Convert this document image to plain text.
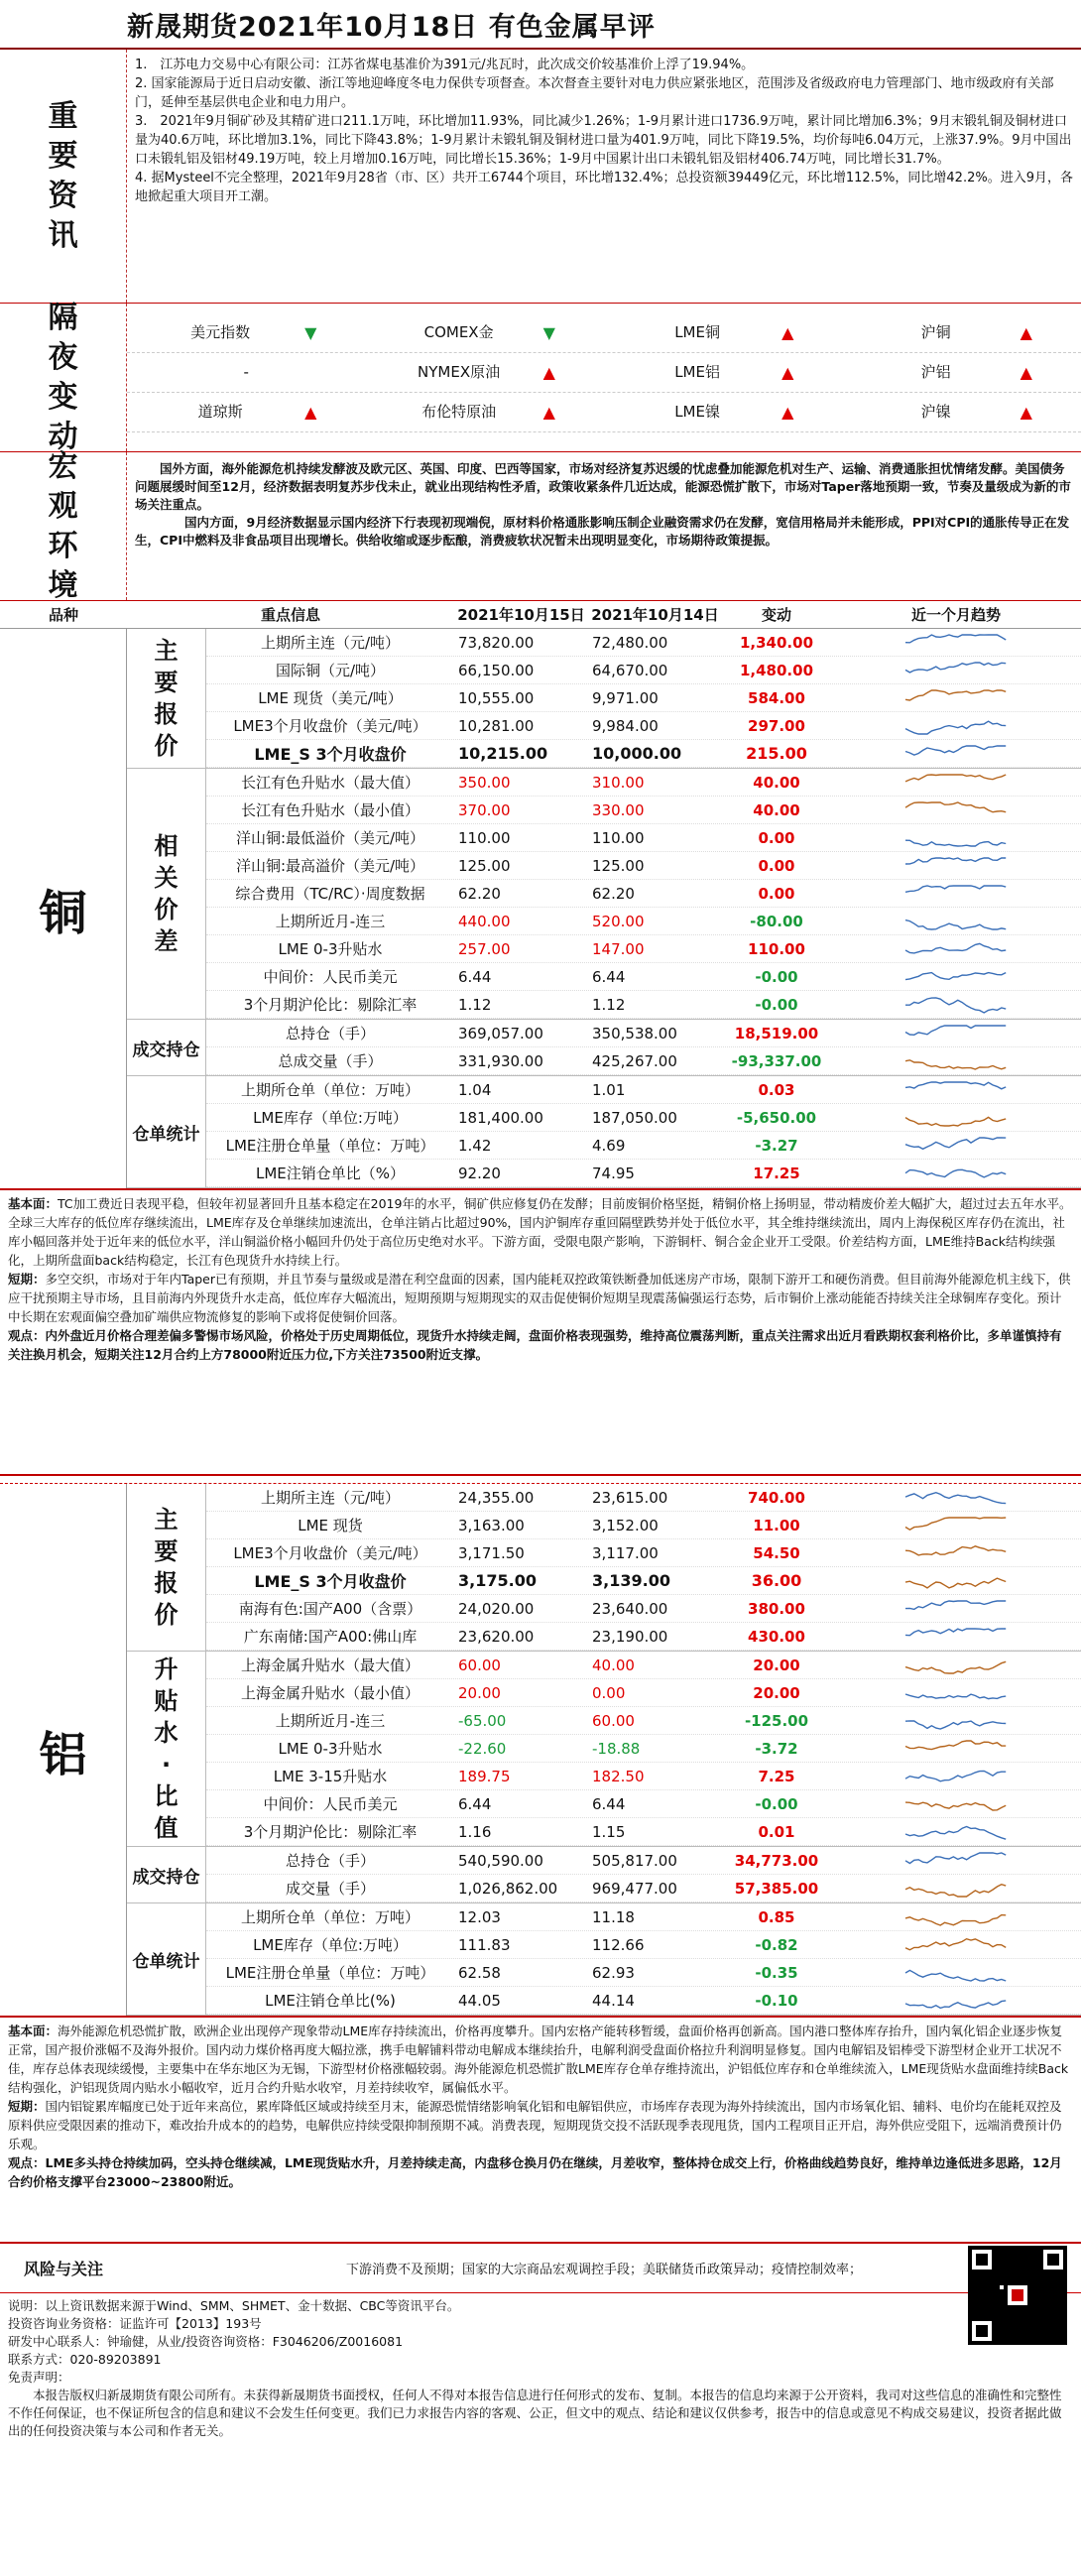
新晟期货2021年10月18日 有色金属早评
重
要
资
讯

1.　江苏电力交易中心有限公司：江苏省煤电基准价为391元/兆瓦时，此次成交价较基准价上浮了19.94%。

2. 国家能源局于近日启动安徽、浙江等地迎峰度冬电力保供专项督查。本次督查主要针对电力供应紧张地区，范围涉及省级政府电力管理部门、地市级政府有关部门，延伸至基层供电企业和电力用户。

3.　2021年9月铜矿砂及其精矿进口211.1万吨，环比增加11.93%，同比减少1.26%；1-9月累计进口1736.9万吨，累计同比增加6.3%；9月末锻轧铜及铜材进口量为40.6万吨，环比增加3.1%，同比下降43.8%；1-9月累计未锻轧铜及铜材进口量为401.9万吨，同比下降19.5%，均价每吨6.04万元，上涨37.9%。9月中国出口未锻轧铝及铝材49.19万吨，较上月增加0.16万吨，同比增长15.36%；1-9月中国累计出口未锻轧铝及铝材406.74万吨，同比增长31.7%。

4. 据Mysteel不完全整理，2021年9月28省（市、区）共开工6744个项目，环比增132.4%；总投资额39449亿元，环比增112.5%，同比增42.2%。进入9月，各地掀起重大项目开工潮。

隔
夜
变
动
美元指数	▼	COMEX金	▼	LME铜	▲	沪铜	▲
-	NYMEX原油	▲	LME铝	▲	沪铝	▲
道琼斯	▲	布伦特原油	▲	LME镍	▲	沪镍	▲
宏
观
环
境

国外方面，海外能源危机持续发酵波及欧元区、英国、印度、巴西等国家，市场对经济复苏迟缓的忧虑叠加能源危机对生产、运输、消费通胀担忧情绪发酵。美国债务问题展缓时间至12月，经济数据表明复苏步伐未止，就业出现结构性矛盾，政策收紧条件几近达成，能源恐慌扩散下，市场对Taper落地预期一致，节奏及量级成为新的市场关注重点。

　　国内方面，9月经济数据显示国内经济下行表现初现端倪，原材料价格通胀影响压制企业融资需求仍在发酵，宽信用格局并未能形成，PPI对CPI的通胀传导正在发生，CPI中燃料及非食品项目出现增长。供给收缩或逐步酝酿，消费疲软状况暂未出现明显变化，市场期待政策提振。

品种	重点信息	2021年10月15日 2021年10月14日	变动	近一个月趋势
铜
主
要
报
价
上期所主连（元/吨）	73,820.00	72,480.00	1,340.00
国际铜（元/吨）	66,150.00	64,670.00	1,480.00
LME 现货（美元/吨）	10,555.00	9,971.00	584.00
LME3个月收盘价（美元/吨）	10,281.00	9,984.00	297.00
LME_S 3个月收盘价	10,215.00	10,000.00	215.00
相
关
价
差
长江有色升贴水（最大值）	350.00	310.00	40.00
长江有色升贴水（最小值）	370.00	330.00	40.00
洋山铜:最低溢价（美元/吨）	110.00	110.00	0.00
洋山铜:最高溢价（美元/吨）	125.00	125.00	0.00
综合费用（TC/RC）·周度数据	62.20	62.20	0.00
上期所近月-连三	440.00	520.00	-80.00
LME 0-3升贴水	257.00	147.00	110.00
中间价：人民币美元	6.44	6.44	-0.00
3个月期沪伦比：剔除汇率	1.12	1.12	-0.00
成交持仓
总持仓（手）	369,057.00	350,538.00	18,519.00
总成交量（手）	331,930.00	425,267.00	-93,337.00
仓单统计
上期所仓单（单位：万吨）	1.04	1.01	0.03
LME库存（单位:万吨）	181,400.00	187,050.00	-5,650.00
LME注册仓单量（单位：万吨）	1.42	4.69	-3.27
LME注销仓单比（%）	92.20	74.95	17.25

基本面：TC加工费近日表现平稳，但较年初显著回升且基本稳定在2019年的水平，铜矿供应修复仍在发酵；目前废铜价格坚挺，精铜价格上扬明显，带动精废价差大幅扩大，超过过去五年水平。全球三大库存的低位库存继续流出，LME库存及仓单继续加速流出，仓单注销占比超过90%，国内沪铜库存重回隔壁跌势并处于低位水平，其全维持继续流出，周内上海保税区库存仍在流出，社库小幅回落并处于近年来的低位水平，洋山铜溢价格小幅回升仍处于高位历史绝对水平。下游方面，受限电限产影响，下游铜杆、铜合金企业开工受限。价差结构方面，LME维持Back结构续强化，上期所盘面back结构稳定，长江有色现货升水持续上行。

短期：多空交织，市场对于年内Taper已有预期，并且节奏与量级或是潜在利空盘面的因素，国内能耗双控政策铁断叠加低迷房产市场，限制下游开工和硬伤消费。但目前海外能源危机主线下，供应干扰预期主导市场，且目前海内外现货升水走高，低位库存大幅流出，短期预期与短期现实的双击促使铜价短期呈现震荡偏强运行态势，后市铜价上涨动能能否持续关注全球铜库存变化。预计中长期在宏观面偏空叠加矿端供应物流修复的影响下或将促使铜价回落。

观点：内外盘近月价格合理差偏多警惕市场风险，价格处于历史周期低位，现货升水持续走阔，盘面价格表现强势，维持高位震荡判断，重点关注需求出近月看跌期权套利格价比，多单谨慎持有关注换月机会，短期关注12月合约上方78000附近压力位,下方关注73500附近支撑。

铝
主
要
报
价
上期所主连（元/吨）	24,355.00	23,615.00	740.00
LME 现货	3,163.00	3,152.00	11.00
LME3个月收盘价（美元/吨）	3,171.50	3,117.00	54.50
LME_S 3个月收盘价	3,175.00	3,139.00	36.00
南海有色:国产A00（含票）	24,020.00	23,640.00	380.00
广东南储:国产A00:佛山库	23,620.00	23,190.00	430.00
升
贴
水
·
比
值
上海金属升贴水（最大值）	60.00	40.00	20.00
上海金属升贴水（最小值）	20.00	0.00	20.00
上期所近月-连三	-65.00	60.00	-125.00
LME 0-3升贴水	-22.60	-18.88	-3.72
LME 3-15升贴水	189.75	182.50	7.25
中间价：人民币美元	6.44	6.44	-0.00
3个月期沪伦比：剔除汇率	1.16	1.15	0.01
成交持仓
总持仓（手）	540,590.00	505,817.00	34,773.00
成交量（手）	1,026,862.00	969,477.00	57,385.00
仓单统计
上期所仓单（单位：万吨）	12.03	11.18	0.85
LME库存（单位:万吨）	111.83	112.66	-0.82
LME注册仓单量（单位：万吨）	62.58	62.93	-0.35
LME注销仓单比(%)	44.05	44.14	-0.10

基本面：海外能源危机恐慌扩散，欧洲企业出现停产现象带动LME库存持续流出，价格再度攀升。国内宏格产能转移暂缓，盘面价格再创新高。国内港口整体库存抬升，国内氧化铝企业逐步恢复正常，国产报价涨幅不及海外报价。国内动力煤价格再度大幅拉涨，携手电解铺料带动电解成本继续抬升，电解利润受盘面价格拉升利润明显修复。国内电解铝及铝棒受下游型材企业开工状况不佳，库存总体表现续缓慢，主要集中在华东地区为无锡，下游型材价格涨幅较弱。海外能源危机恐慌扩散LME库存仓单存维持流出，沪铝低位库存和仓单维续流入，LME现货贴水盘面维持续Back结构强化，沪铝现货周内贴水小幅收窄，近月合约升贴水收窄，月差持续收窄，属偏低水平。

短期：国内铝锭累库幅度已处于近年来高位，累库降低区域或持续至月末，能源恐慌情绪影响氧化铝和电解铝供应，市场库存表现为海外持续流出，国内市场氧化铝、辅料、电价均在能耗双控及原料供应受限因素的推动下，难改抬升成本的的趋势，电解供应持续受限抑制预期不减。消费表现，短期现货交投不活跃现季表现甩货，国内工程项目正开启，海外供应受阻下，远端消费预计仍乐观。

观点：LME多头持仓持续加码，空头持仓继续减，LME现货贴水升，月差持续走高，内盘移仓换月仍在继续，月差收窄，整体持仓成交上行，价格曲线趋势良好，维持单边逢低进多思路，12月合约价格支撑平台23000~23800附近。

风险与关注	下游消费不及预期；国家的大宗商品宏观调控手段；美联储货币政策异动；疫情控制效率；

说明：以上资讯数据来源于Wind、SMM、SHMET、金十数据、CBC等资讯平台。

投资咨询业务资格：证监许可【2013】193号

研发中心联系人：钟瑜健，从业/投资咨询资格：F3046206/Z0016081

联系方式：020-89203891

免责声明：

　　本报告版权归新晟期货有限公司所有。未获得新晟期货书面授权，任何人不得对本报告信息进行任何形式的发布、复制。本报告的信息均来源于公开资料，我司对这些信息的准确性和完整性不作任何保证，也不保证所包含的信息和建议不会发生任何变更。我们已力求报告内容的客观、公正，但文中的观点、结论和建议仅供参考，报告中的信息或意见不构成交易建议，投资者据此做出的任何投资决策与本公司和作者无关。
